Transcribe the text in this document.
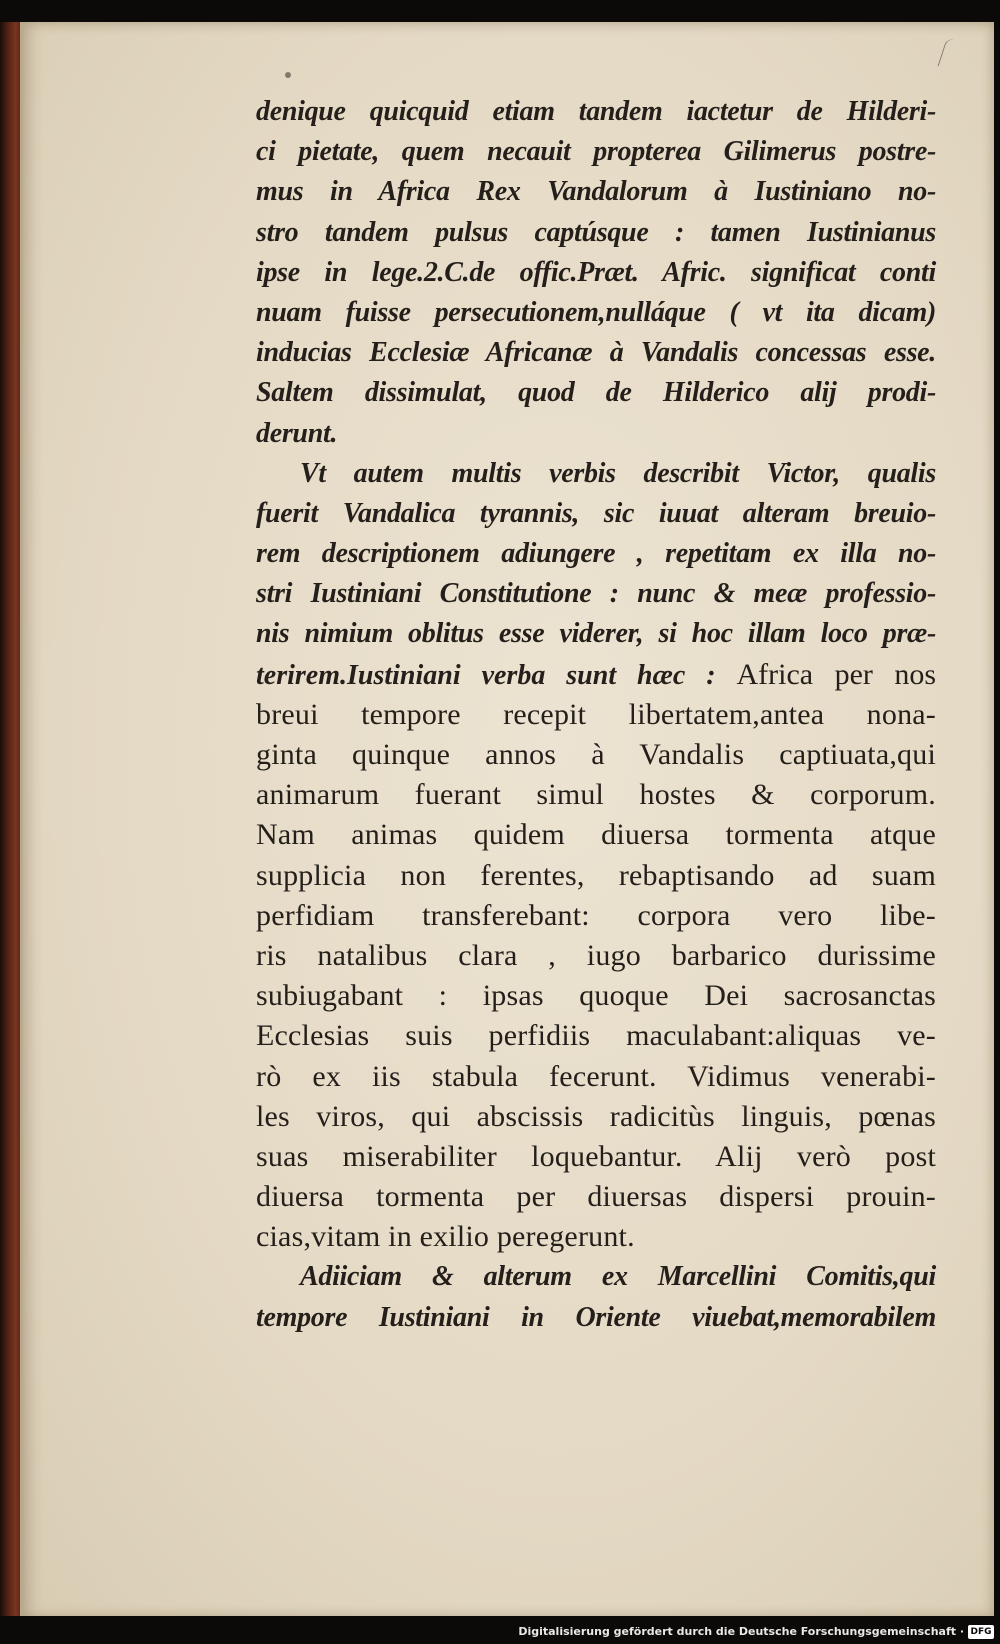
denique quicquid etiam tandem iactetur de Hilderi-
ci pietate, quem necauit propterea Gilimerus postre-
mus in Africa Rex Vandalorum à Iustiniano no-
stro tandem pulsus captúsque : tamen Iustinianus
ipse in lege.2.C.de offic.Præt. Afric. significat conti
nuam fuisse persecutionem,nulláque ( vt ita dicam)
inducias Ecclesiæ Africanæ à Vandalis concessas esse.
Saltem dissimulat, quod de Hilderico alij prodi-
derunt.
Vt autem multis verbis describit Victor, qualis
fuerit Vandalica tyrannis, sic iuuat alteram breuio-
rem descriptionem adiungere , repetitam ex illa no-
stri Iustiniani Constitutione : nunc & meæ professio-
nis nimium oblitus esse viderer, si hoc illam loco præ-
terirem.Iustiniani verba sunt hæc : Africa per nos
breui tempore recepit libertatem,antea nona-
ginta quinque annos à Vandalis captiuata,qui
animarum fuerant simul hostes & corporum.
Nam animas quidem diuersa tormenta atque
supplicia non ferentes, rebaptisando ad suam
perfidiam transferebant: corpora vero libe-
ris natalibus clara , iugo barbarico durissime
subiugabant : ipsas quoque Dei sacrosanctas
Ecclesias suis perfidiis maculabant:aliquas ve-
rò ex iis stabula fecerunt. Vidimus venerabi-
les viros, qui abscissis radicitùs linguis, pœnas
suas miserabiliter loquebantur. Alij verò post
diuersa tormenta per diuersas dispersi prouin-
cias,vitam in exilio peregerunt.
Adiiciam & alterum ex Marcellini Comitis,qui
tempore Iustiniani in Oriente viuebat,memorabilem
Digitalisierung gefördert durch die Deutsche Forschungsgemeinschaft · DFG
